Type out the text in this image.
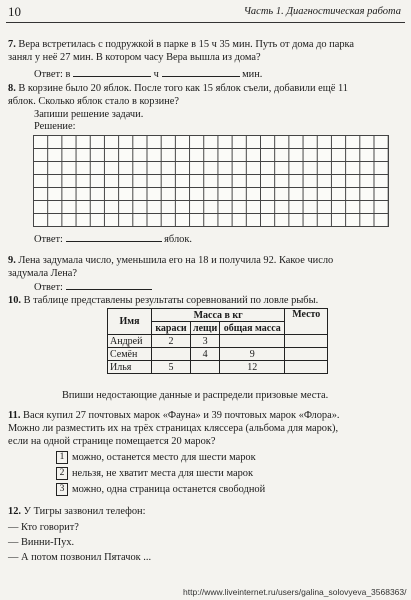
10	Часть 1. Диагностическая работа
7. Вера встретилась с подружкой в парке в 15 ч 35 мин. Путь от дома до парка
занял у неё 27 мин. В котором часу Вера вышла из дома?
Ответ: в	ч	мин.
8. В корзине было 20 яблок. После того как 15 яблок съели, добавили ещё 11
яблок. Сколько яблок стало в корзине?
Запиши решение задачи.
Решение:
Ответ:	яблок.
9. Лена задумала число, уменьшила его на 18 и получила 92. Какое число
задумала Лена?
Ответ:
10. В таблице представлены результаты соревнований по ловле рыбы.
Имя	Масса в кг			Место
	караси	лещи	общая масса	
Андрей	2	3		
Семён		4	9	
Илья	5		12	
Впиши недостающие данные и распредели призовые места.
11. Вася купил 27 почтовых марок «Фауна» и 39 почтовых марок «Флора».
Можно ли разместить их на трёх страницах кляссера (альбома для марок),
если на одной странице помещается 20 марок?
1 можно, останется место для шести марок
2 нельзя, не хватит места для шести марок
3 можно, одна страница останется свободной
12. У Тигры зазвонил телефон:
— Кто говорит?
— Винни-Пух.
— А потом позвонил Пятачок ...
http://www.liveinternet.ru/users/galina_solovyeva_3568363/
